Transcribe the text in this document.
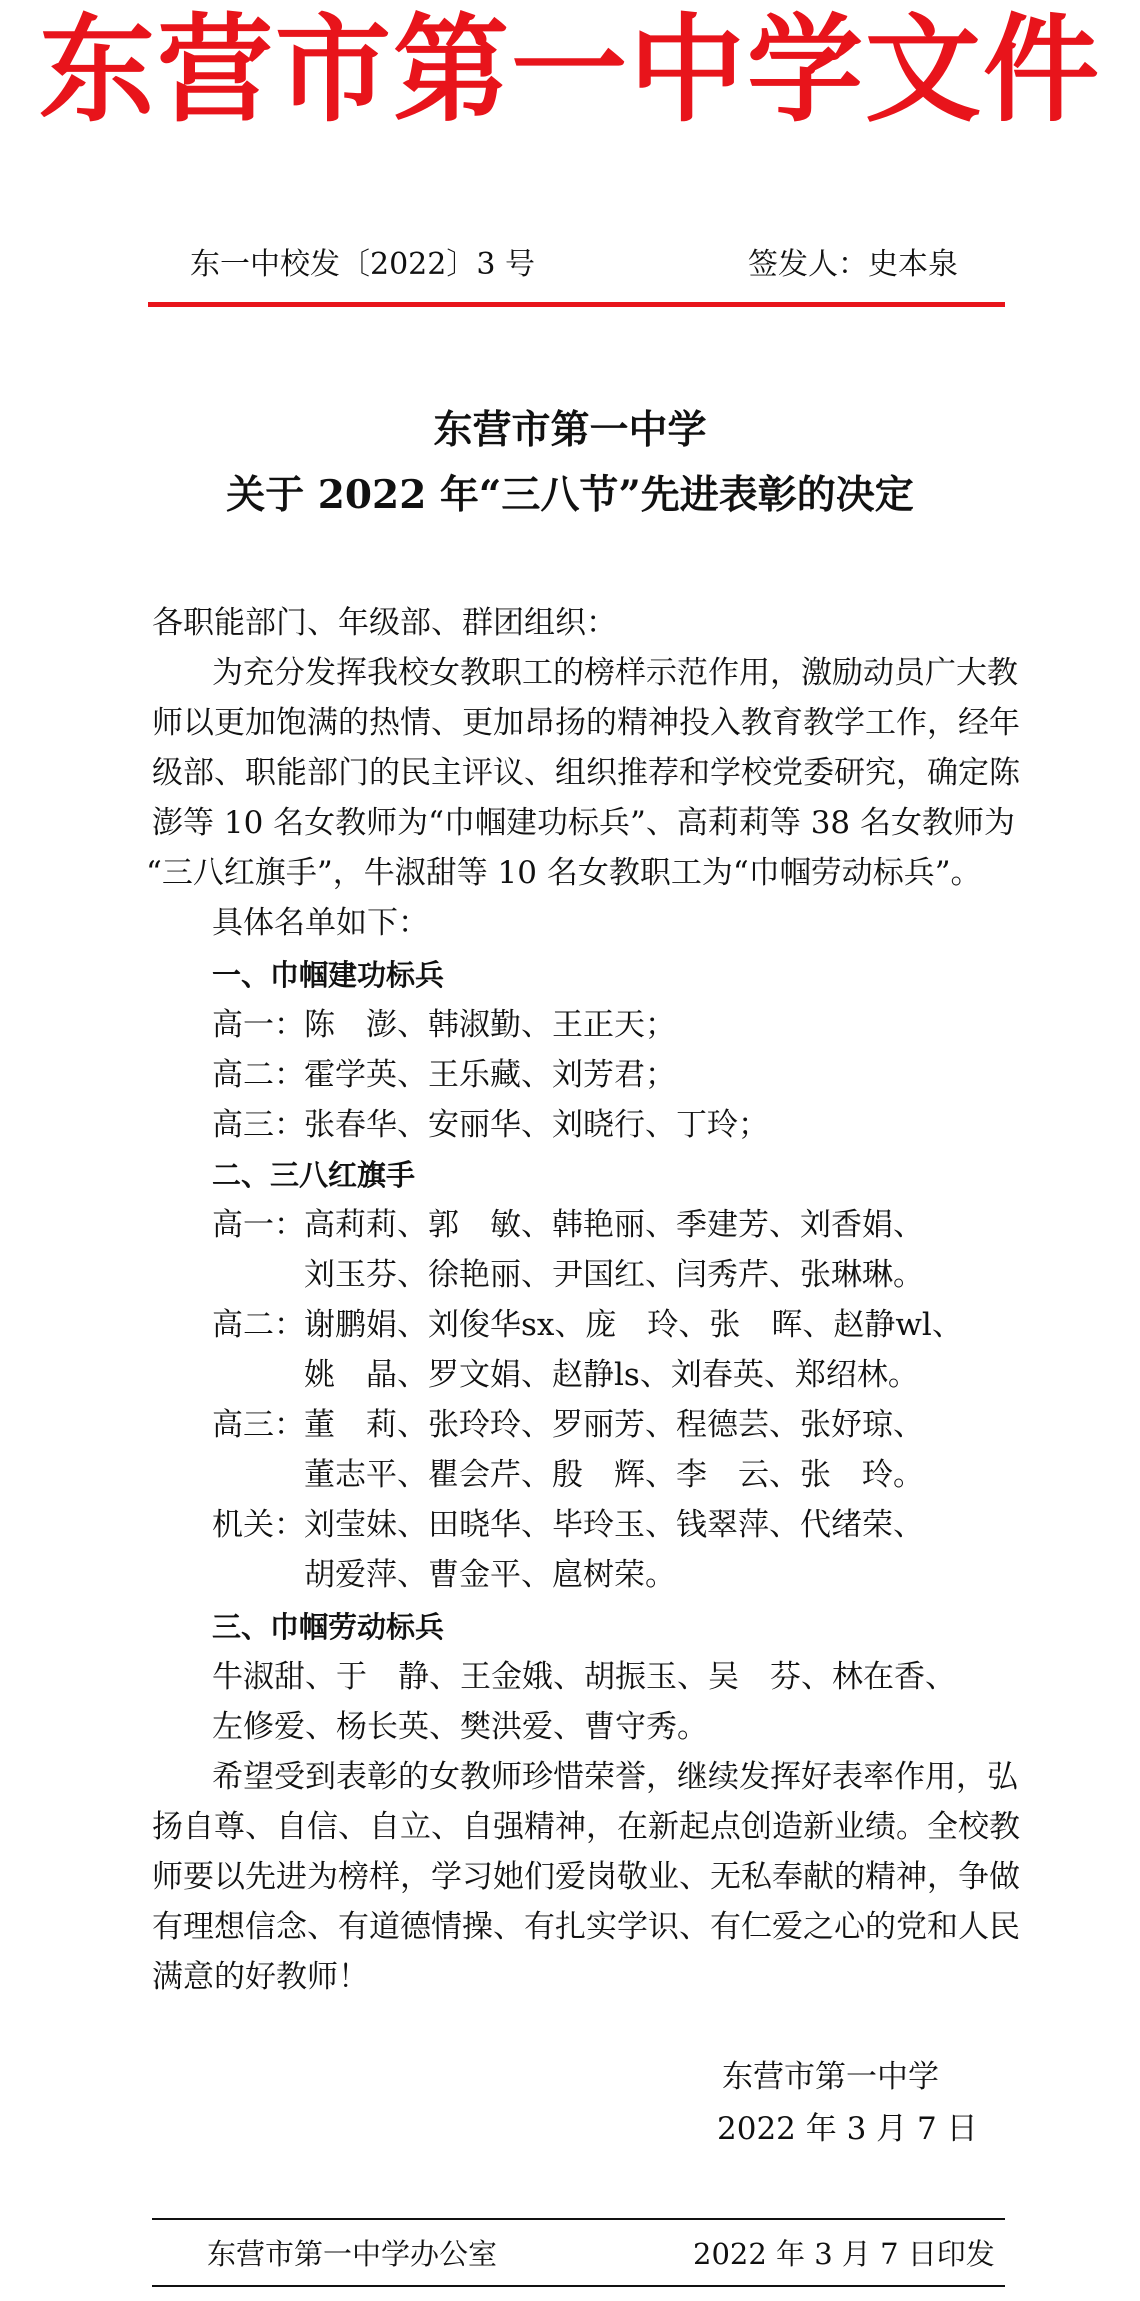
东营市第一中学文件
东一中校发〔2022〕3 号	签发人：史本泉
东营市第一中学
关于 2022 年“三八节”先进表彰的决定
各职能部门、年级部、群团组织：
为充分发挥我校女教职工的榜样示范作用，激励动员广大教
师以更加饱满的热情、更加昂扬的精神投入教育教学工作，经年
级部、职能部门的民主评议、组织推荐和学校党委研究，确定陈
澎等 10 名女教师为“巾帼建功标兵”、高莉莉等 38 名女教师为
“三八红旗手”，牛淑甜等 10 名女教职工为“巾帼劳动标兵”。
具体名单如下：
一、巾帼建功标兵
高一： 陈　澎、韩淑勤、王正天；
高二： 霍学英、王乐藏、刘芳君；
高三： 张春华、安丽华、刘晓行、丁玲；
二、三八红旗手
高一： 高莉莉、郭　敏、韩艳丽、季建芳、刘香娟、
刘玉芬、徐艳丽、尹国红、闫秀芹、张琳琳。
高二： 谢鹏娟、刘俊华sx、庞　玲、张　晖、赵静wl、
姚　晶、罗文娟、赵静ls、刘春英、郑绍林。
高三： 董　莉、张玲玲、罗丽芳、程德芸、张妤琼、
董志平、瞿会芹、殷　辉、李　云、张　玲。
机关： 刘莹妹、田晓华、毕玲玉、钱翠萍、代绪荣、
胡爱萍、曹金平、扈树荣。
三、巾帼劳动标兵
牛淑甜、于　静、王金娥、胡振玉、吴　芬、林在香、
左修爱、杨长英、樊洪爱、曹守秀。
希望受到表彰的女教师珍惜荣誉，继续发挥好表率作用，弘
扬自尊、自信、自立、自强精神，在新起点创造新业绩。全校教
师要以先进为榜样，学习她们爱岗敬业、无私奉献的精神，争做
有理想信念、有道德情操、有扎实学识、有仁爱之心的党和人民
满意的好教师！
东营市第一中学
2022 年 3 月 7 日
东营市第一中学办公室	2022 年 3 月 7 日印发
